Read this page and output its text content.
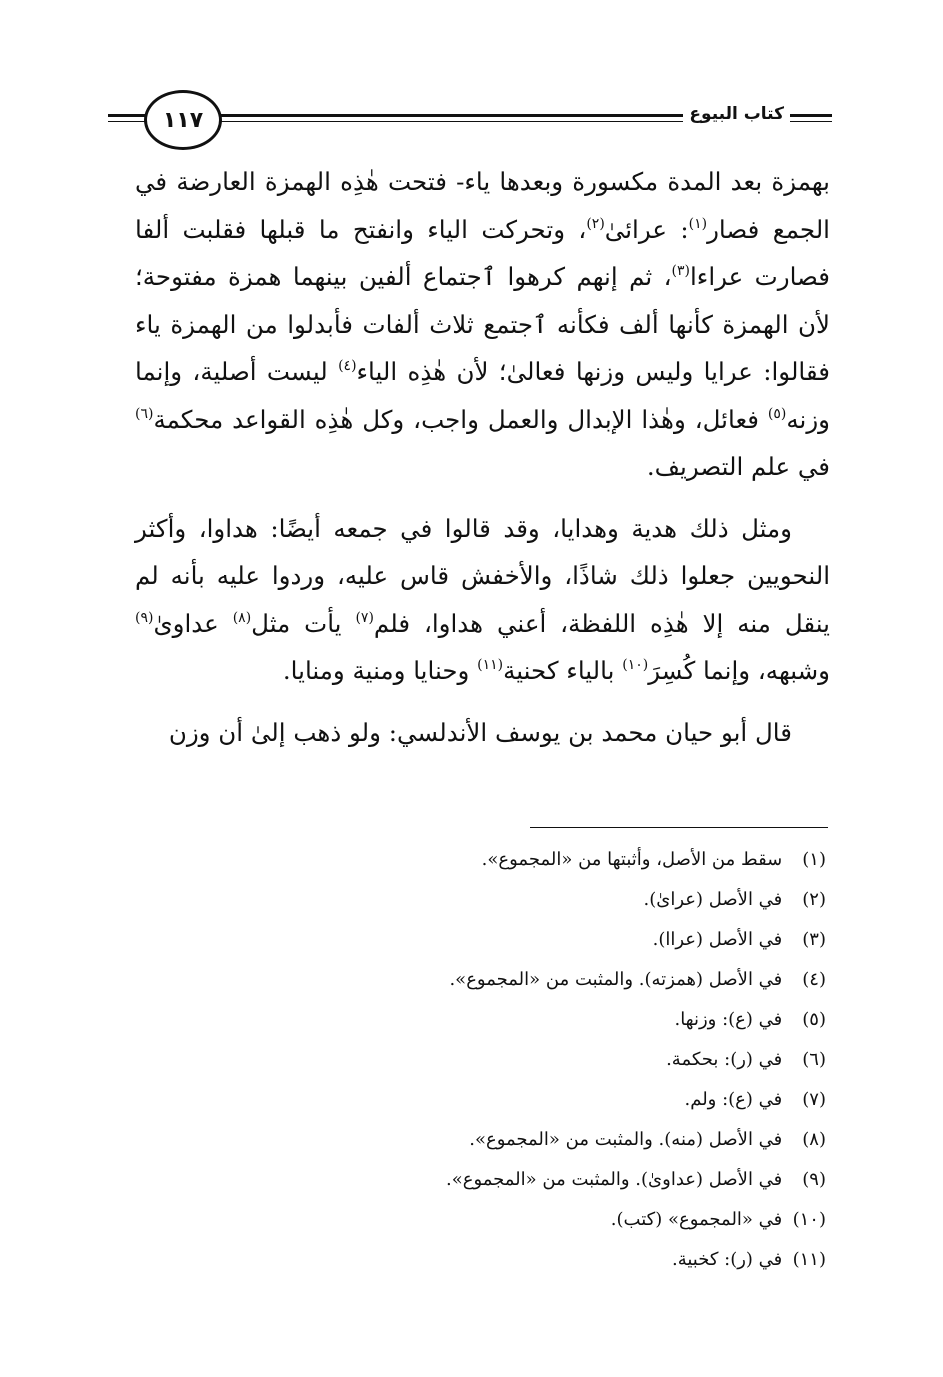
كتاب البيوع
١١٧

بهمزة بعد المدة مكسورة وبعدها ياء- فتحت هٰذِه الهمزة العارضة في الجمع فصار$^{(١)}$: عرائىٰ$^{(٢)}$، وتحركت الياء وانفتح ما قبلها فقلبت ألفا فصارت عراءا$^{(٣)}$، ثم إنهم كرهوا ٱجتماع ألفين بينهما همزة مفتوحة؛ لأن الهمزة كأنها ألف فكأنه ٱجتمع ثلاث ألفات فأبدلوا من الهمزة ياء فقالوا: عرايا وليس وزنها فعالىٰ؛ لأن هٰذِه الياء$^{(٤)}$ ليست أصلية، وإنما وزنه$^{(٥)}$ فعائل، وهٰذا الإبدال والعمل واجب، وكل هٰذِه القواعد محكمة$^{(٦)}$ في علم التصريف.

ومثل ذلك هدية وهدايا، وقد قالوا في جمعه أيضًا: هداوا، وأكثر النحويين جعلوا ذلك شاذًا، والأخفش قاس عليه، وردوا عليه بأنه لم ينقل منه إلا هٰذِه اللفظة، أعني هداوا، فلم$^{(٧)}$ يأت مثل$^{(٨)}$ عداوىٰ$^{(٩)}$ وشبهه، وإنما كُسِرَ$^{(١٠)}$ بالياء كحنية$^{(١١)}$ وحنايا ومنية ومنايا.

قال أبو حيان محمد بن يوسف الأندلسي: ولو ذهب إلىٰ أن وزن

(١) سقط من الأصل، وأثبتها من «المجموع».
(٢) في الأصل (عراىٰ).
(٣) في الأصل (عراا).
(٤) في الأصل (همزته). والمثبت من «المجموع».
(٥) في (ع): وزنها.
(٦) في (ر): بحكمة.
(٧) في (ع): ولم.
(٨) في الأصل (منه). والمثبت من «المجموع».
(٩) في الأصل (عداوىٰ). والمثبت من «المجموع».
(١٠) في «المجموع» (كتب).
(١١) في (ر): كخبية.
